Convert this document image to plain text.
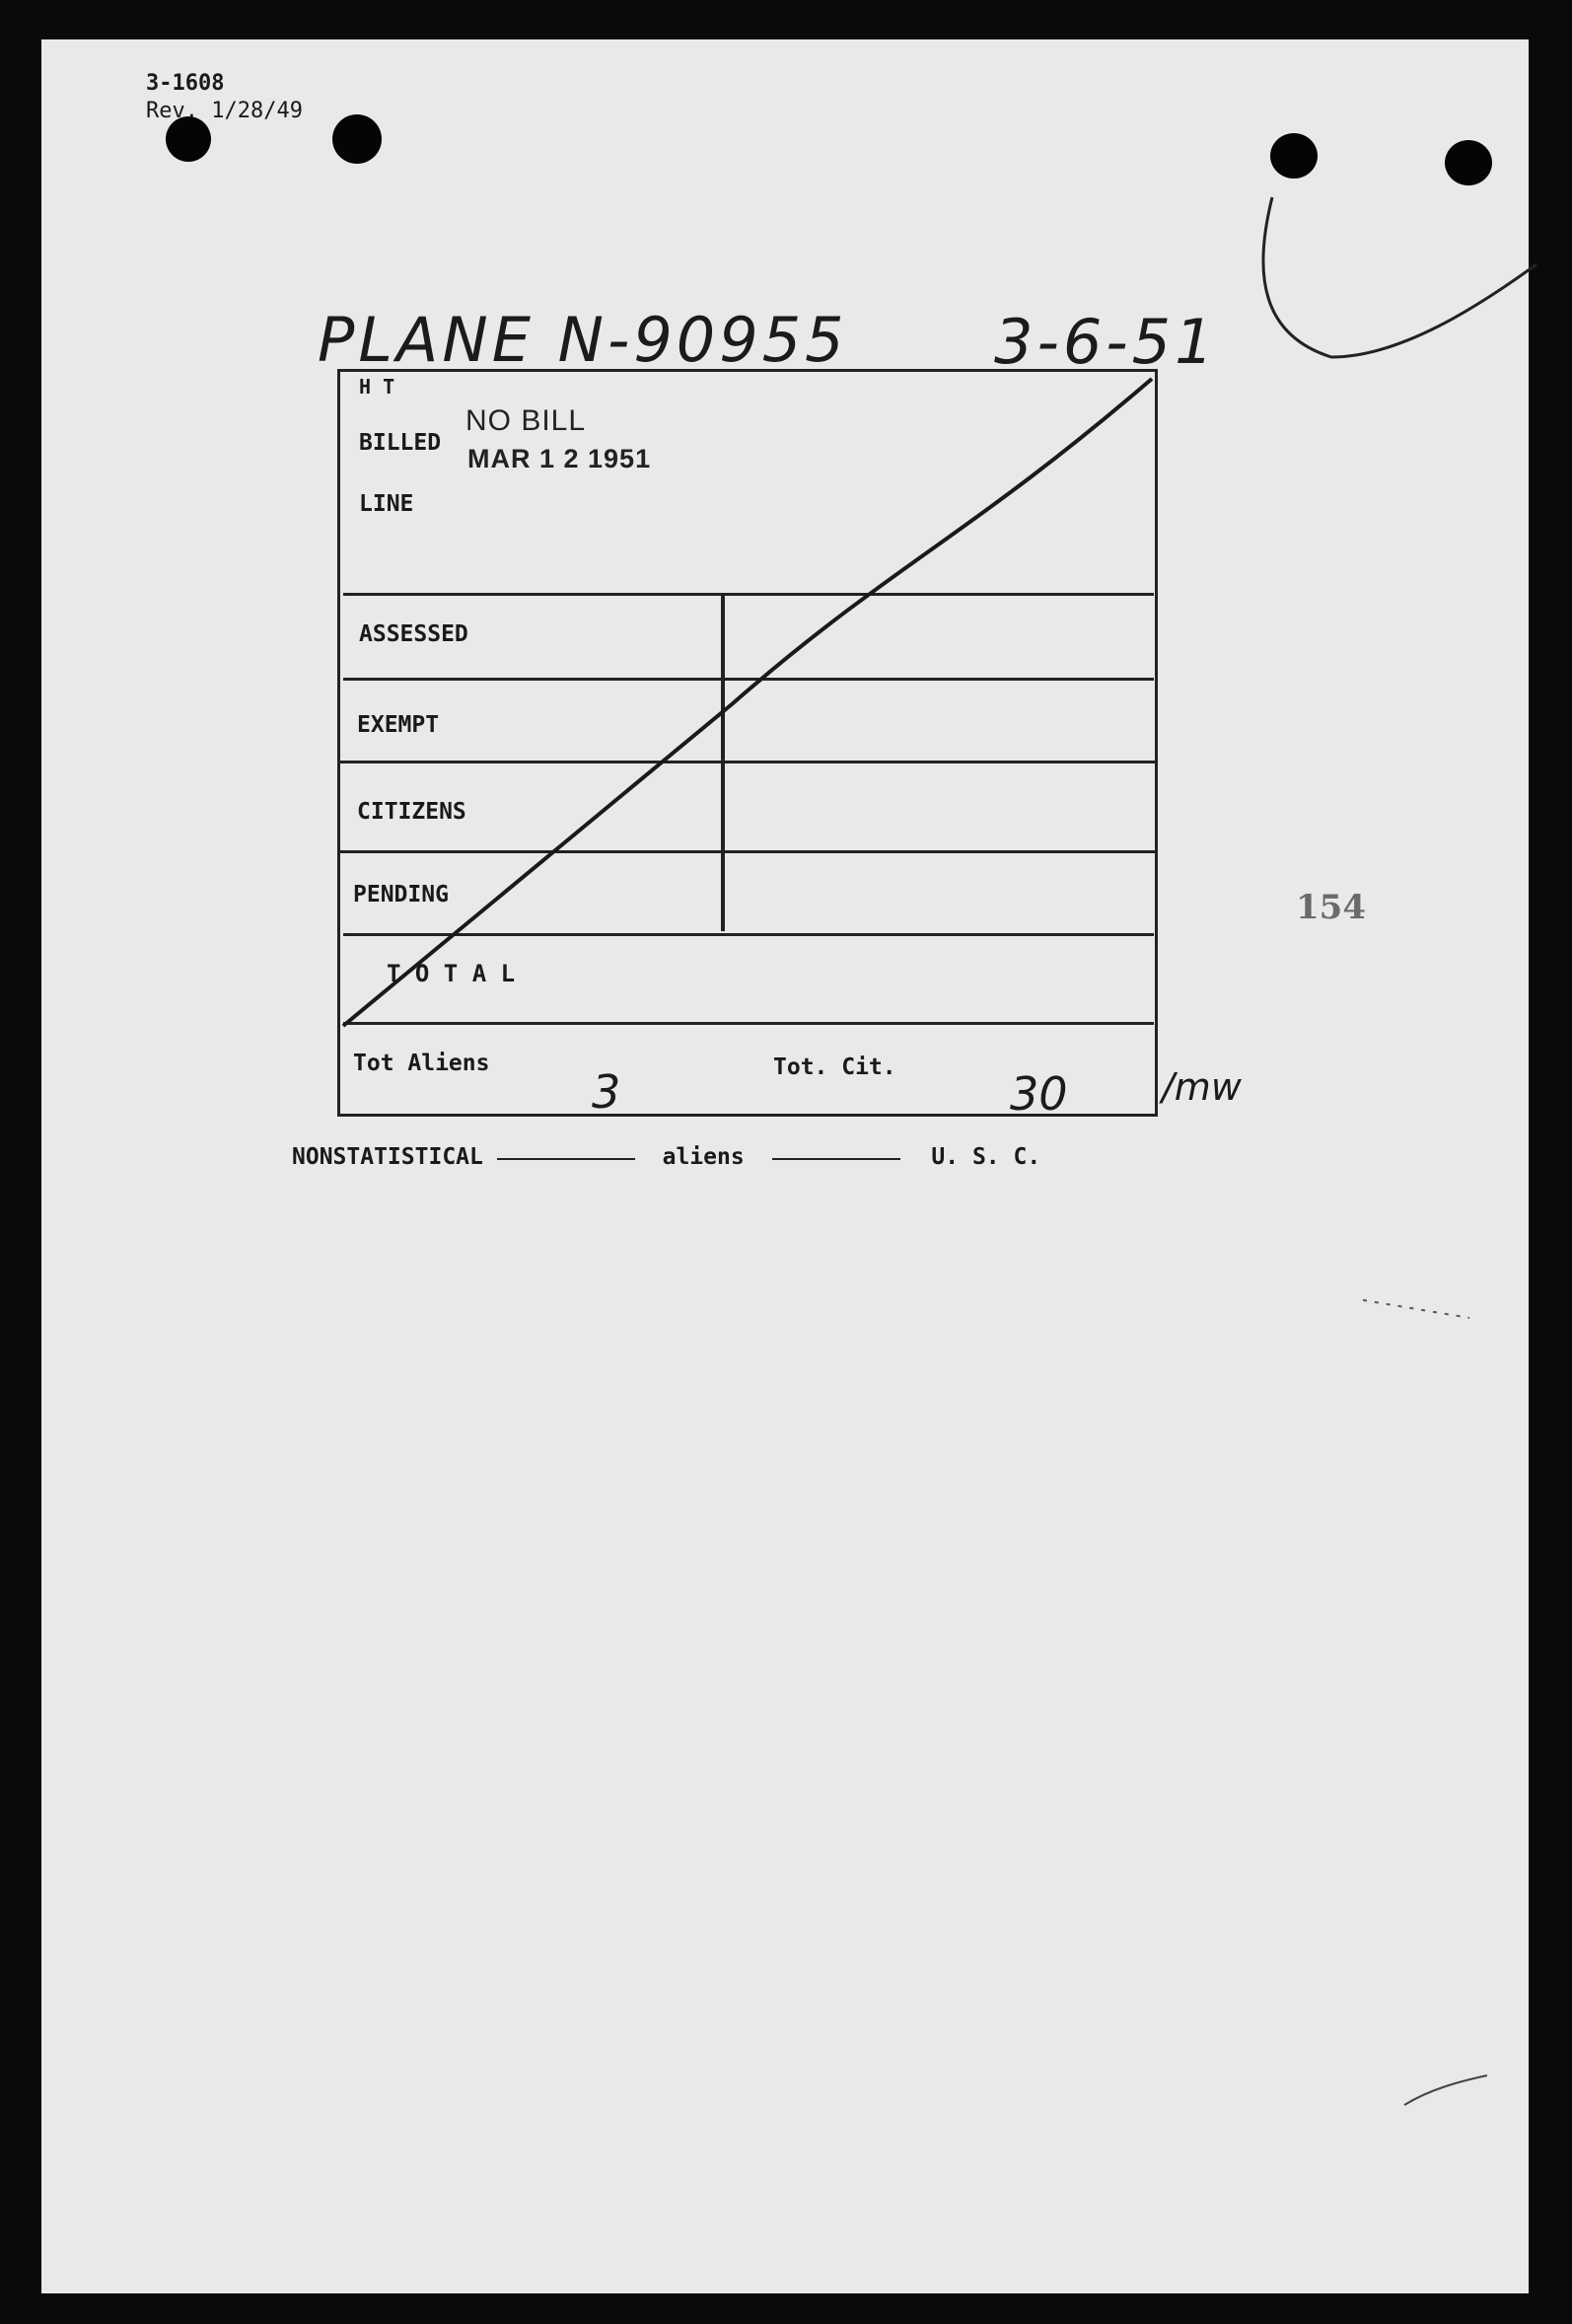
3-1608
Rev. 1/28/49
PLANE N-90955 3-6-51
H T
BILLED
LINE
ASSESSED
EXEMPT
CITIZENS
PENDING
T O T A L
Tot Aliens	Tot. Cit.
NO BILL
MAR 1 2 1951
3	30	/mw
NONSTATISTICAL	aliens	U. S. C.
154
